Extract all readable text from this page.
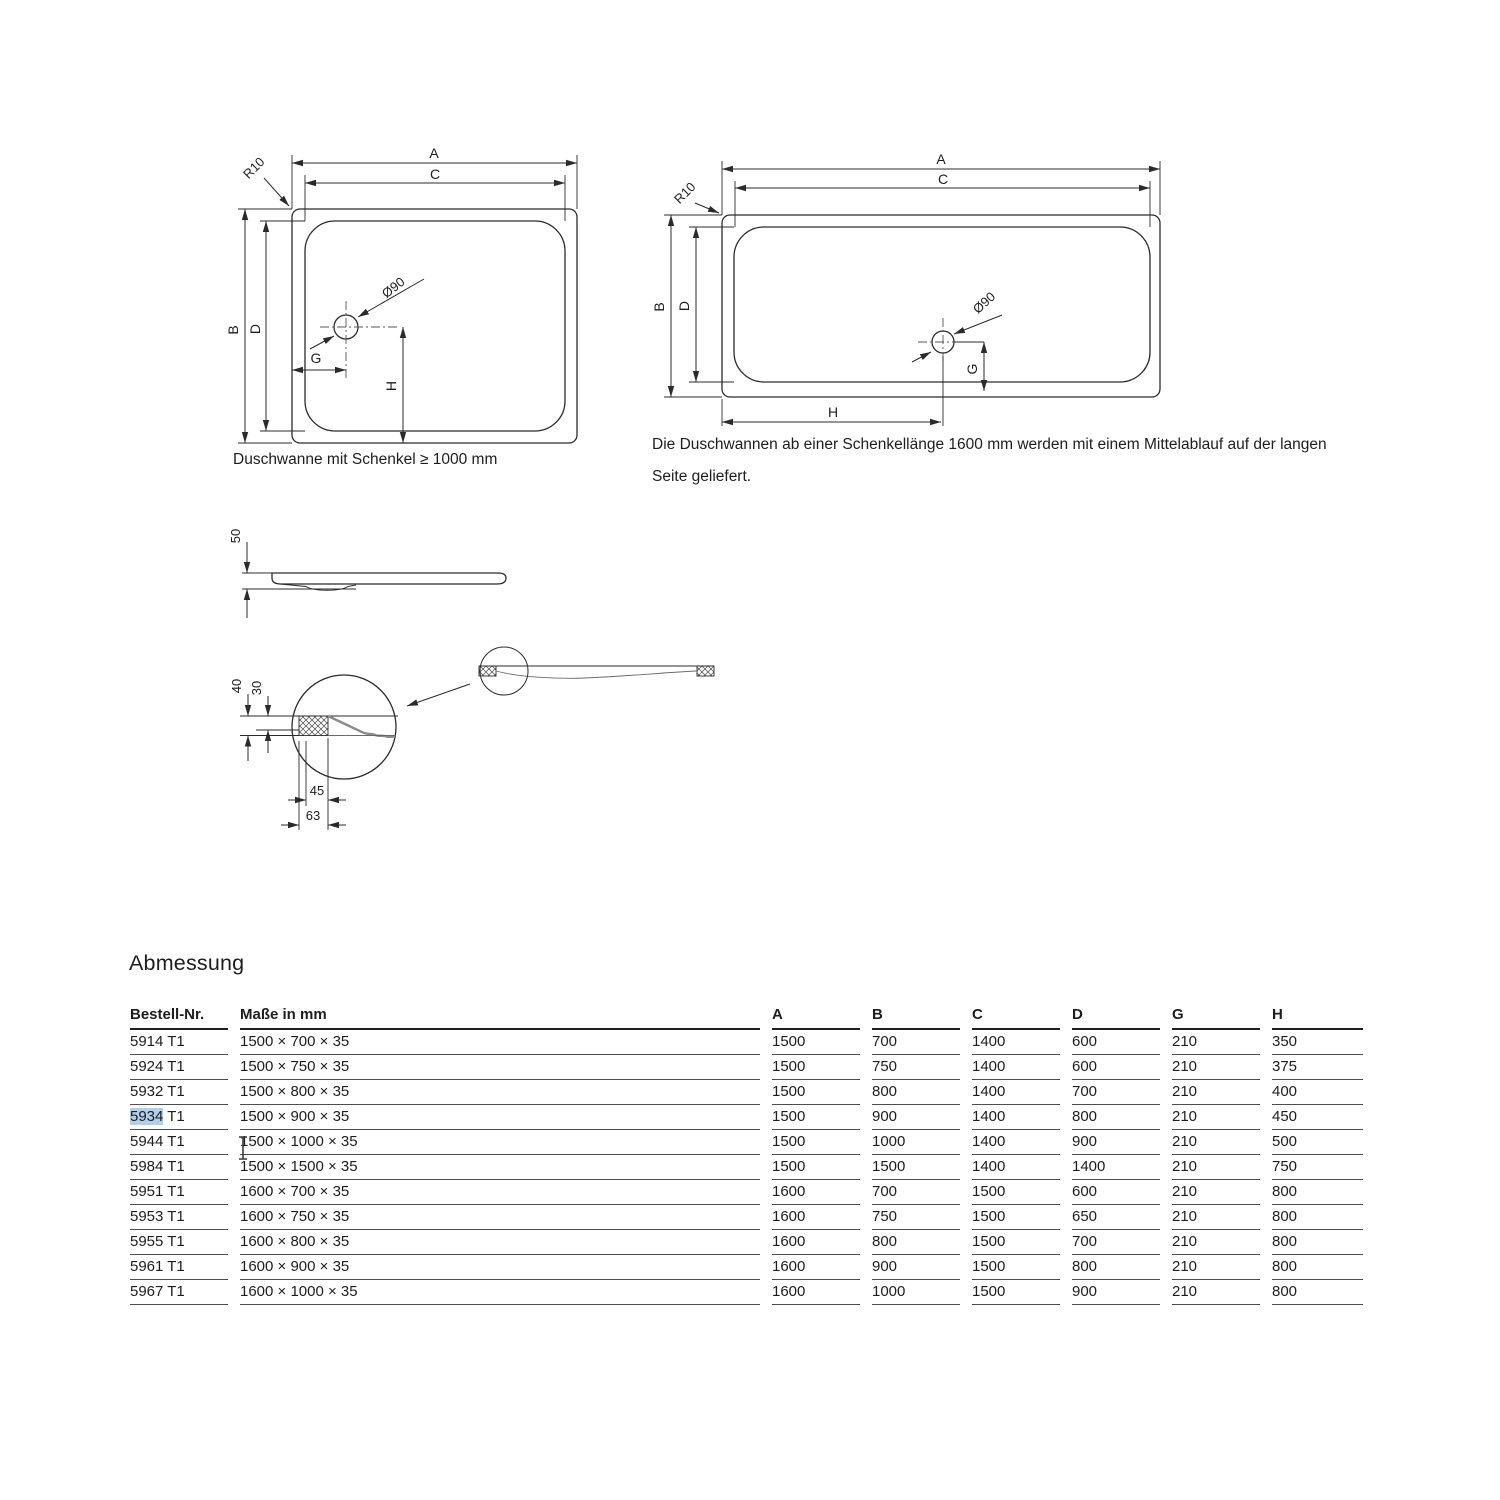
A
C
B D
R10
Ø90
G
H
A
C
B D
R10
Ø90
G
H
50
40 30
45
63
Duschwanne mit Schenkel ≥ 1000 mm
Die Duschwannen ab einer Schenkellänge 1600 mm werden mit einem Mittelablauf auf der langen
Seite geliefert.
Abmessung
Bestell-Nr.	Maße in mm	A	B	C	D	G	H
5914 T1	1500 × 700 × 35	1500	700	1400	600	210	350
5924 T1	1500 × 750 × 35	1500	750	1400	600	210	375
5932 T1	1500 × 800 × 35	1500	800	1400	700	210	400
5934 T1	1500 × 900 × 35	1500	900	1400	800	210	450
5944 T1	1500 × 1000 × 35	1500	1000	1400	900	210	500
5984 T1	1500 × 1500 × 35	1500	1500	1400	1400	210	750
5951 T1	1600 × 700 × 35	1600	700	1500	600	210	800
5953 T1	1600 × 750 × 35	1600	750	1500	650	210	800
5955 T1	1600 × 800 × 35	1600	800	1500	700	210	800
5961 T1	1600 × 900 × 35	1600	900	1500	800	210	800
5967 T1	1600 × 1000 × 35	1600	1000	1500	900	210	800
